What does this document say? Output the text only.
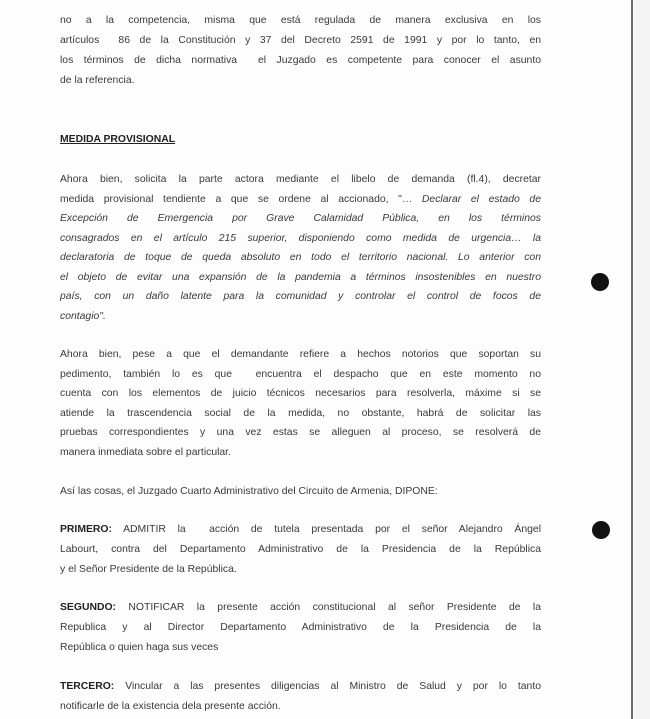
no a la competencia, misma que está regulada de manera exclusiva en los
artículos  86 de la Constitución y 37 del Decreto 2591 de 1991 y por lo tanto, en
los términos de dicha normativa  el Juzgado es competente para conocer el asunto
de la referencia.
MEDIDA PROVISIONAL
Ahora bien, solicita la parte actora mediante el libelo de demanda (fl.4), decretar
medida provisional tendiente a que se ordene al accionado, "… Declarar el estado de
Excepción de Emergencia por Grave Calamidad Pública, en los términos
consagrados en el artículo 215 superior, disponiendo como medida de urgencia… la
declaratoria de toque de queda absoluto en todo el territorio nacional. Lo anterior con
el objeto de evitar una expansión de la pandemia a términos insostenibles en nuestro
país, con un daño latente para la comunidad y controlar el control de focos de
contagio".
Ahora bien, pese a que el demandante refiere a hechos notorios que soportan su
pedimento, también lo es que  encuentra el despacho que en este momento no
cuenta con los elementos de juicio técnicos necesarios para resolverla, máxime si se
atiende la trascendencia social de la medida, no obstante, habrá de solicitar las
pruebas correspondientes y una vez estas se alleguen al proceso, se resolverá de
manera inmediata sobre el particular.
Así las cosas, el Juzgado Cuarto Administrativo del Circuito de Armenia, DIPONE:
PRIMERO: ADMITIR la  acción de tutela presentada por el señor Alejandro Ángel
Labourt, contra del Departamento Administrativo de la Presidencia de la República
y el Señor Presidente de la República.
SEGUNDO: NOTIFICAR la presente acción constitucional al señor Presidente de la
Republica y al Director Departamento Administrativo de la Presidencia de la
República o quien haga sus veces
TERCERO: Vincular a las presentes diligencias al Ministro de Salud y por lo tanto
notificarle de la existencia dela presente acción.
